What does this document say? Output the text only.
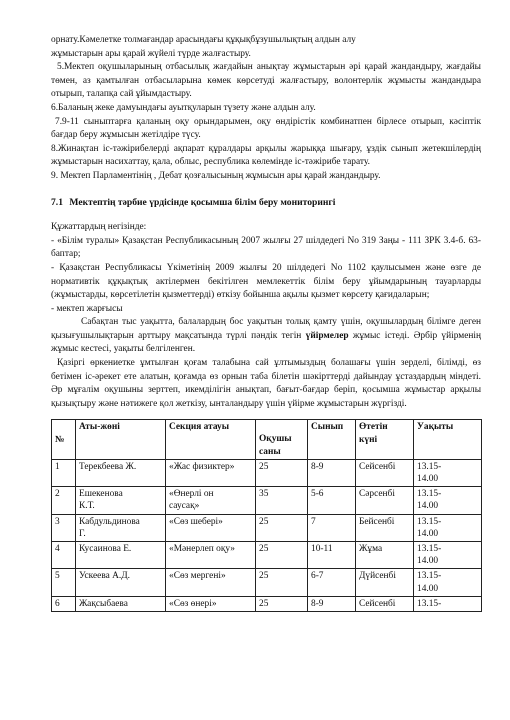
орнату.Кәмелетке толмағандар арасындағы құқықбұзушылықтың алдын алу
жұмыстарын ары қарай жүйелі түрде жалғастыру.

5.Мектеп оқушыларының отбасылық жағдайын анықтау жұмыстарын әрі қарай жандандыру, жағдайы төмен, аз қамтылған отбасыларына көмек көрсетуді жалғастыру, волонтерлік жұмысты жандандыра отырып, талапқа сай ұйымдастыру.

6.Баланың жеке дамуындағы ауытқуларын түзету және алдын алу.

7.9-11 сыныптарға қаланың оқу орындарымен, оқу өндірістік комбинатпен бірлесе отырып, кәсіптік бағдар беру жұмысын жетілдіре түсу.

8.Жинақтан іс-тәжірибелерді ақпарат құралдары арқылы жарыққа шығару, ұздік сынып жетекшілердің жұмыстарын насихаттау, қала, облыс, республика көлемінде іс-тәжірибе тарату.

9. Мектеп Парламентінің , Дебат қозғалысының жұмысын ары қарай жандандыру.

7.1 Мектептің тәрбие үрдісінде қосымша білім беру мониторингі

Құжаттардың негізінде:

- «Білім туралы» Қазақстан Республикасының 2007 жылғы 27 шілдедегі No 319 Заңы - 111 ЗРК 3.4-б. 63-баптар;

- Қазақстан Республикасы Үкіметінің 2009 жылғы 20 шілдедегі No 1102 қаулысымен және өзге де нормативтік құқықтық актілермен бекітілген мемлекеттік білім беру ұйымдарының тауарларды (жұмыстарды, көрсетілетін қызметтерді) өткізу бойынша ақылы қызмет көрсету қағидаларын;

- мектеп жарғысы

Сабақтан тыс уақытта, балалардың бос уақытын толық қамту үшін, оқушылардың білімге деген қызығушылықтарын арттыру мақсатында түрлі пәндік тегін үйірмелер жұмыс істеді. Әрбір үйірменің жұмыс кестесі, уақыты белгіленген.

Қазіргі өркениетке ұмтылған қоғам талабына сай ұлтымыздың болашағы үшін зерделі, білімді, өз бетімен іс-әрекет ете алатын, қоғамда өз орнын таба білетін шәкірттерді дайындау ұстаздардың міндеті. Әр мұғалім оқушыны зерттеп, икемділігін анықтап, бағыт-бағдар беріп, қосымша жұмыстар арқылы қызықтыру және нәтижеге қол жеткізу, ынталандыру үшін үйірме жұмыстарын жүргізді.

№	Аты-жөні	Секция атауы	Оқушы
саны	Сынып	Өтетін
күні	Уақыты
1	Терекбеева Ж.	«Жас физиктер»	25	8-9	Сейсенбі	13.15-
14.00

2	Ешекенова
К.Т.	«Өнерлі он
саусақ»	35	5-6	Сәрсенбі	13.15-
14.00

3	Кабдульдинова
Г.	«Сөз шебері»	25	7	Бейсенбі	13.15-
14.00

4	Кусаинова Е.	«Мәнерлеп оқу»	25	10-11	Жұма	13.15-
14.00

5	Ускеева А.Д.	«Сөз мергені»	25	6-7	Дүйсенбі	13.15-
14.00

6	Жақсыбаева	«Сөз өнері»	25	8-9	Сейсенбі	13.15-
